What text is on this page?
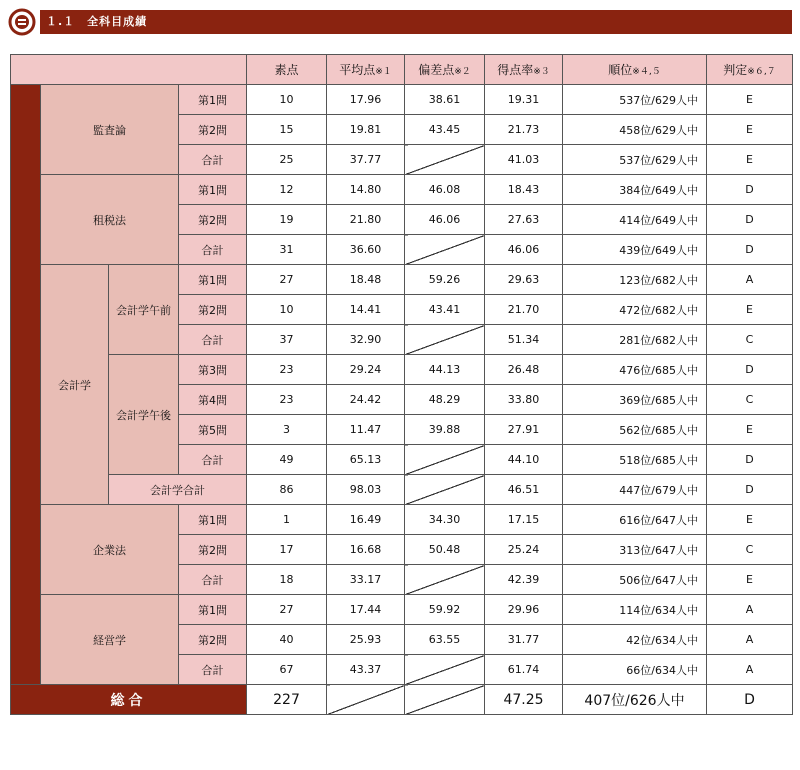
１.１　全科目成績
				素点	平均点※１	偏差点※２	得点率※３	順位※４,５	判定※６,７
	監査論		第1問	10	17.96	38.61	19.31	537位/629人中	E
			第2問	15	19.81	43.45	21.73	458位/629人中	E
			合計	25	37.77		41.03	537位/629人中	E
	租税法		第1問	12	14.80	46.08	18.43	384位/649人中	D
			第2問	19	21.80	46.06	27.63	414位/649人中	D
			合計	31	36.60		46.06	439位/649人中	D
	会計学	会計学午前	第1問	27	18.48	59.26	29.63	123位/682人中	A
			第2問	10	14.41	43.41	21.70	472位/682人中	E
			合計	37	32.90		51.34	281位/682人中	C
		会計学午後	第3問	23	29.24	44.13	26.48	476位/685人中	D
			第4問	23	24.42	48.29	33.80	369位/685人中	C
			第5問	3	11.47	39.88	27.91	562位/685人中	E
			合計	49	65.13		44.10	518位/685人中	D
		会計学合計		86	98.03		46.51	447位/679人中	D
	企業法		第1問	1	16.49	34.30	17.15	616位/647人中	E
			第2問	17	16.68	50.48	25.24	313位/647人中	C
			合計	18	33.17		42.39	506位/647人中	E
	経営学		第1問	27	17.44	59.92	29.96	114位/634人中	A
			第2問	40	25.93	63.55	31.77	42位/634人中	A
			合計	67	43.37		61.74	66位/634人中	A
総合				227			47.25	407位/626人中	D
